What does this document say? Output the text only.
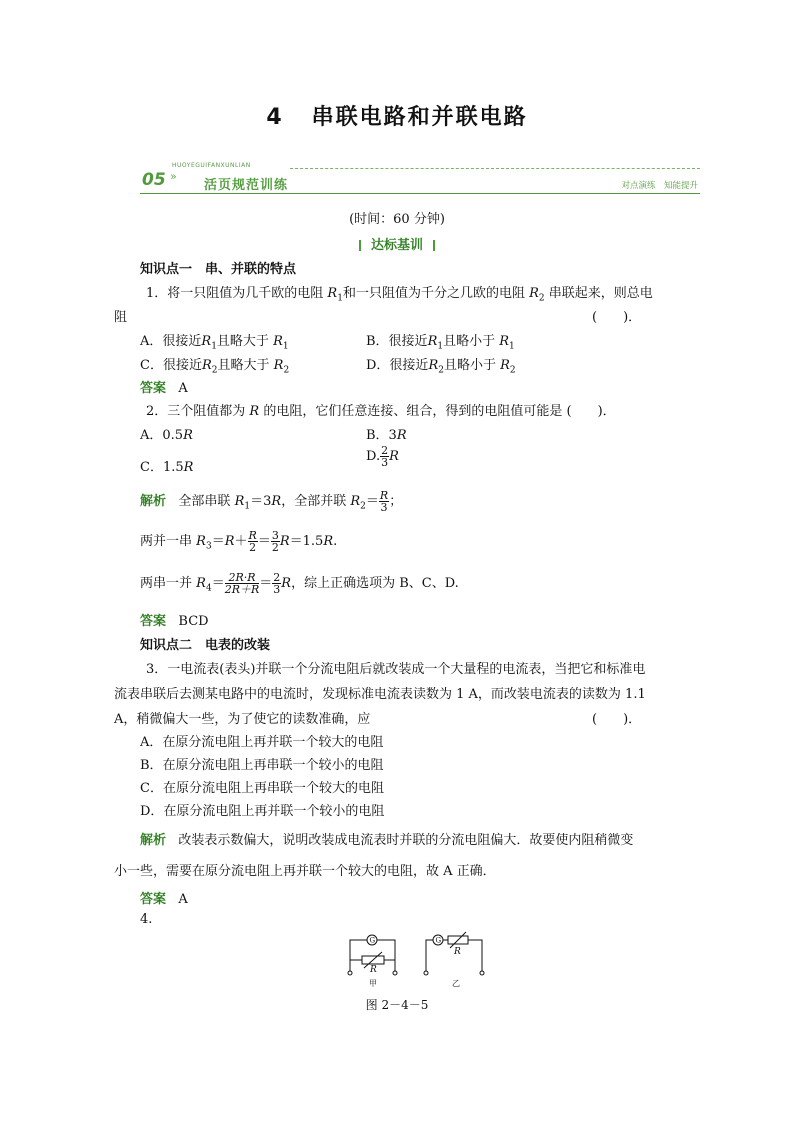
4 串联电路和并联电路
HUOYEGUIFANXUNLIAN
05 »
活页规范训练	对点演练　知能提升
(时间：60 分钟)
达标基训
知识点一　串、并联的特点
1．将一只阻值为几千欧的电阻 $R_1$和一只阻值为千分之几欧的电阻 $R_2$ 串联起来，则总电
阻	(　　)．
A．很接近$R_1$且略大于 $R_1$	B．很接近$R_1$且略小于 $R_1$
C．很接近$R_2$且略大于 $R_2$	D．很接近$R_2$且略小于 $R_2$
答案 A
2．三个阻值都为 R 的电阻，它们任意连接、组合，得到的电阻值可能是 (　　)．
A．0.5R	B．3R
C．1.5R
D. $\frac{2}{3}$ R
解析 全部串联 $R_1=3R$，全部并联 $R_2= \frac{R}{3}$ ；
两并一串 $R_3=R+ \frac{R}{2} = \frac{3}{2} R=1.5R$.
两串一并 $R_4= \frac{2R\cdot R}{2R+R}= \frac{2}{3}$ R，综上正确选项为 B、C、D.
答案 BCD
知识点二　电表的改装
3．一电流表(表头)并联一个分流电阻后就改装成一个大量程的电流表，当把它和标准电
流表串联后去测某电路中的电流时，发现标准电流表读数为 1 A，而改装电流表的读数为 1.1
A，稍微偏大一些，为了使它的读数准确，应	(　　)．
A．在原分流电阻上再并联一个较大的电阻
B．在原分流电阻上再串联一个较小的电阻
C．在原分流电阻上再串联一个较大的电阻
D．在原分流电阻上再并联一个较小的电阻
解析 改装表示数偏大，说明改装成电流表时并联的分流电阻偏大．故要使内阻稍微变
小一些，需要在原分流电阻上再并联一个较大的电阻，故 A 正确．
答案 A
4.
G	G
R
R
甲	乙
图 2－4－5
